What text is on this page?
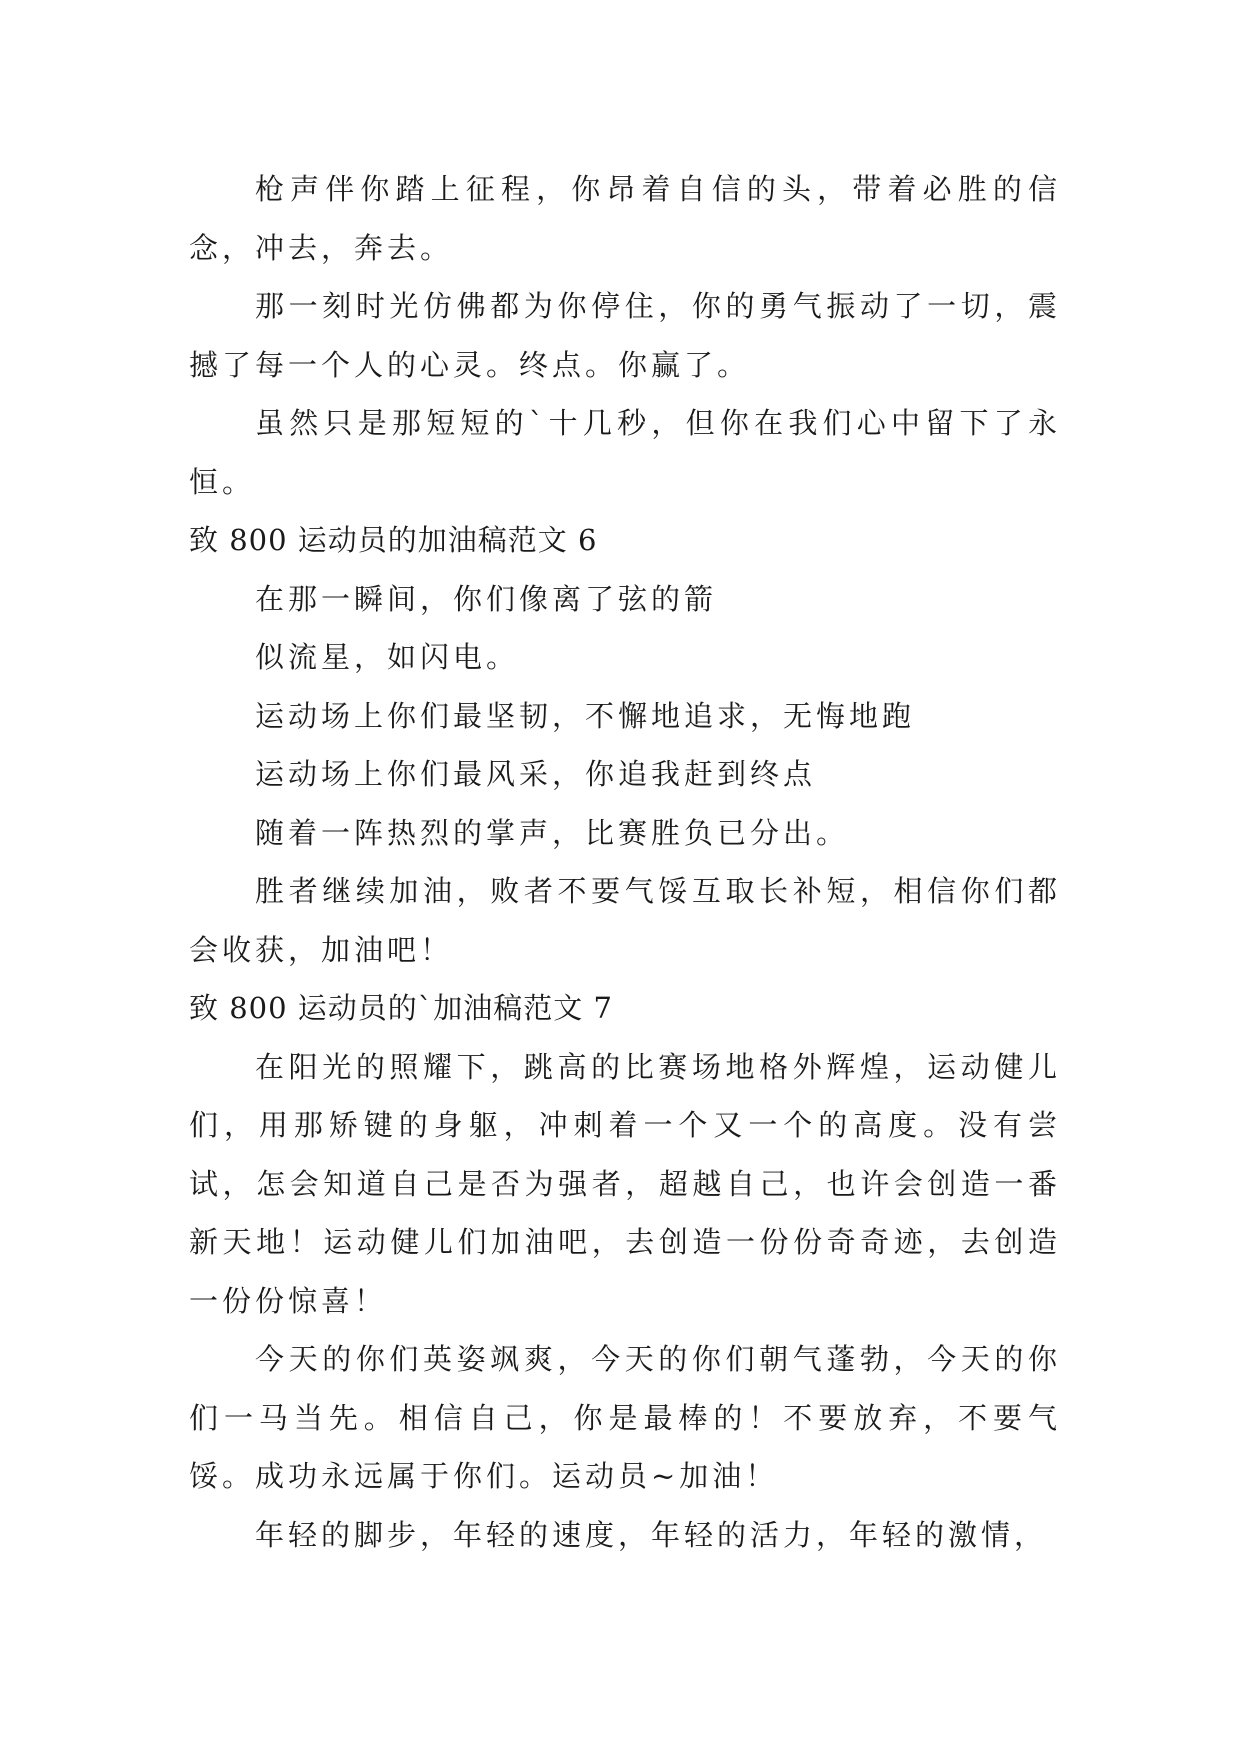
枪声伴你踏上征程，你昂着自信的头，带着必胜的信念，冲去，奔去。

那一刻时光仿佛都为你停住，你的勇气振动了一切，震撼了每一个人的心灵。终点。你赢了。

虽然只是那短短的`十几秒，但你在我们心中留下了永恒。

致 800 运动员的加油稿范文 6

在那一瞬间，你们像离了弦的箭

似流星，如闪电。

运动场上你们最坚韧，不懈地追求，无悔地跑

运动场上你们最风采，你追我赶到终点

随着一阵热烈的掌声，比赛胜负已分出。

胜者继续加油，败者不要气馁互取长补短，相信你们都会收获，加油吧！

致 800 运动员的`加油稿范文 7

在阳光的照耀下，跳高的比赛场地格外辉煌，运动健儿们，用那矫键的身躯，冲刺着一个又一个的高度。没有尝试，怎会知道自己是否为强者，超越自己，也许会创造一番新天地！运动健儿们加油吧，去创造一份份奇奇迹，去创造一份份惊喜！

今天的你们英姿飒爽，今天的你们朝气蓬勃，今天的你们一马当先。相信自己，你是最棒的！不要放弃，不要气馁。成功永远属于你们。运动员~加油！

年轻的脚步，年轻的速度，年轻的活力，年轻的激情，
